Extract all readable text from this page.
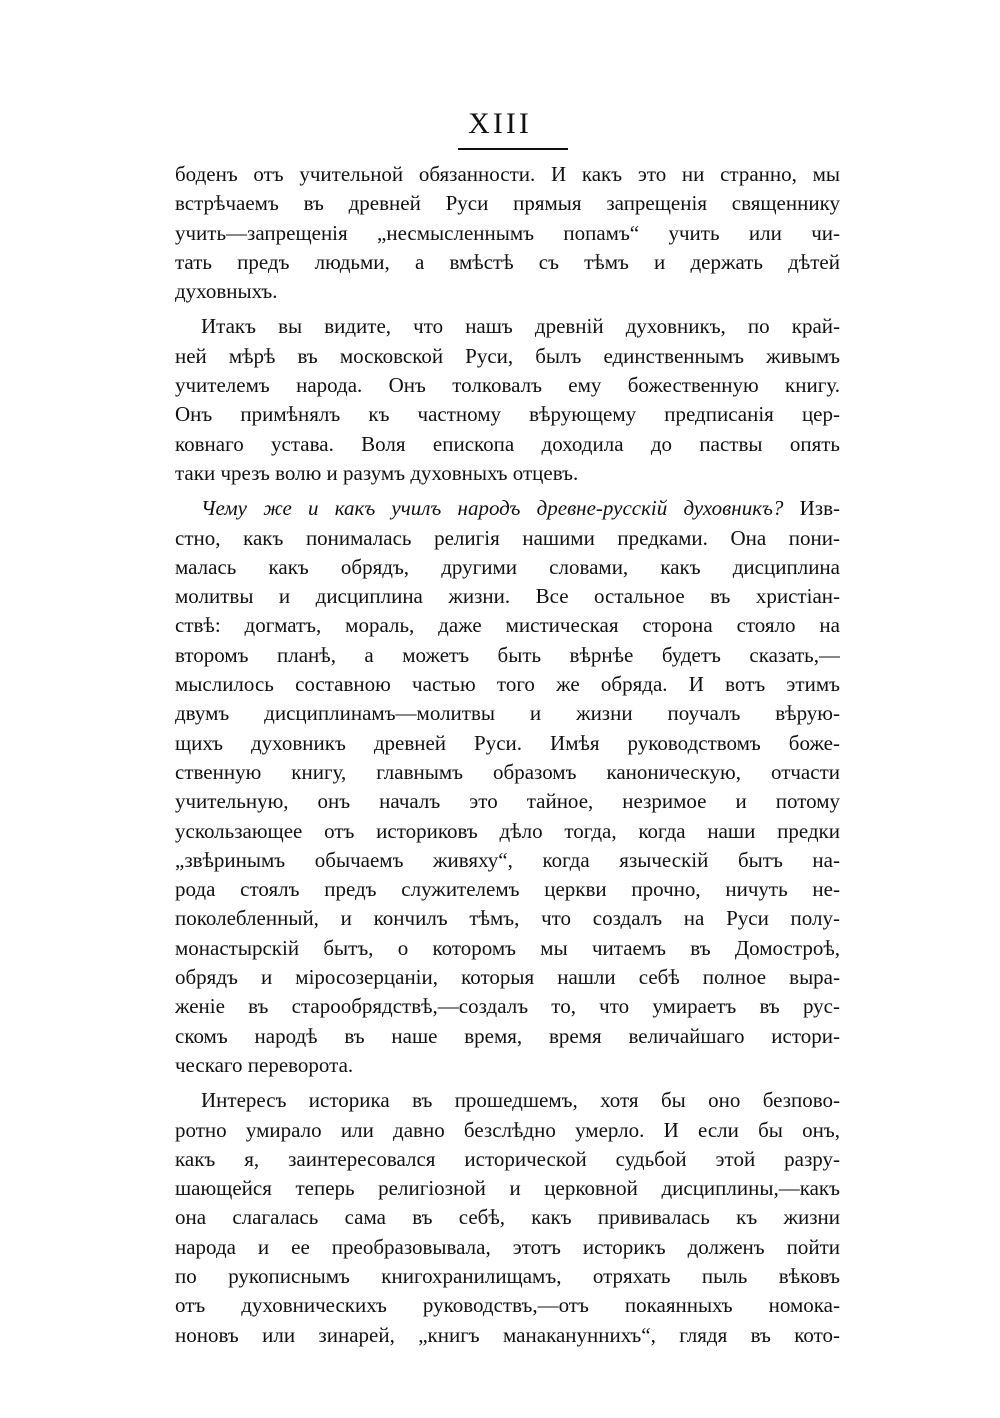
XIII
боденъ отъ учительной обязанности. И какъ это ни странно, мы
встрѣчаемъ въ древней Руси прямыя запрещенія священнику
учить—запрещенія „несмысленнымъ попамъ“ учить или чи-
тать предъ людьми, а вмѣстѣ съ тѣмъ и держать дѣтей
духовныхъ.
Итакъ вы видите, что нашъ древній духовникъ, по край-
ней мѣрѣ въ московской Руси, былъ единственнымъ живымъ
учителемъ народа. Онъ толковалъ ему божественную книгу.
Онъ примѣнялъ къ частному вѣрующему предписанія цер-
ковнаго устава. Воля епископа доходила до паствы опять
таки чрезъ волю и разумъ духовныхъ отцевъ.
Чему же и какъ училъ народъ древне-русскій духовникъ? Изв-
стно, какъ понималась религія нашими предками. Она пони-
малась какъ обрядъ, другими словами, какъ дисциплина
молитвы и дисциплина жизни. Все остальное въ христіан-
ствѣ: догматъ, мораль, даже мистическая сторона стояло на
второмъ планѣ, а можетъ быть вѣрнѣе будетъ сказать,—
мыслилось составною частью того же обряда. И вотъ этимъ
двумъ дисциплинамъ—молитвы и жизни поучалъ вѣрую-
щихъ духовникъ древней Руси. Имѣя руководствомъ боже-
ственную книгу, главнымъ образомъ каноническую, отчасти
учительную, онъ началъ это тайное, незримое и потому
ускользающее отъ историковъ дѣло тогда, когда наши предки
„звѣринымъ обычаемъ живяху“, когда языческій бытъ на-
рода стоялъ предъ служителемъ церкви прочно, ничуть не-
поколебленный, и кончилъ тѣмъ, что создалъ на Руси полу-
монастырскій бытъ, о которомъ мы читаемъ въ Домостроѣ,
обрядъ и міросозерцаніи, которыя нашли себѣ полное выра-
женіе въ старообрядствѣ,—создалъ то, что умираетъ въ рус-
скомъ народѣ въ наше время, время величайшаго истори-
ческаго переворота.
Интересъ историка въ прошедшемъ, хотя бы оно безпово-
ротно умирало или давно безслѣдно умерло. И если бы онъ,
какъ я, заинтересовался исторической судьбой этой разру-
шающейся теперь религіозной и церковной дисциплины,—какъ
она слагалась сама въ себѣ, какъ прививалась къ жизни
народа и ее преобразовывала, этотъ историкъ долженъ пойти
по рукописнымъ книгохранилищамъ, отряхать пыль вѣковъ
отъ духовническихъ руководствъ,—отъ покаянныхъ номока-
ноновъ или зинарей, „книгъ манакануннихъ“, глядя въ кото-
